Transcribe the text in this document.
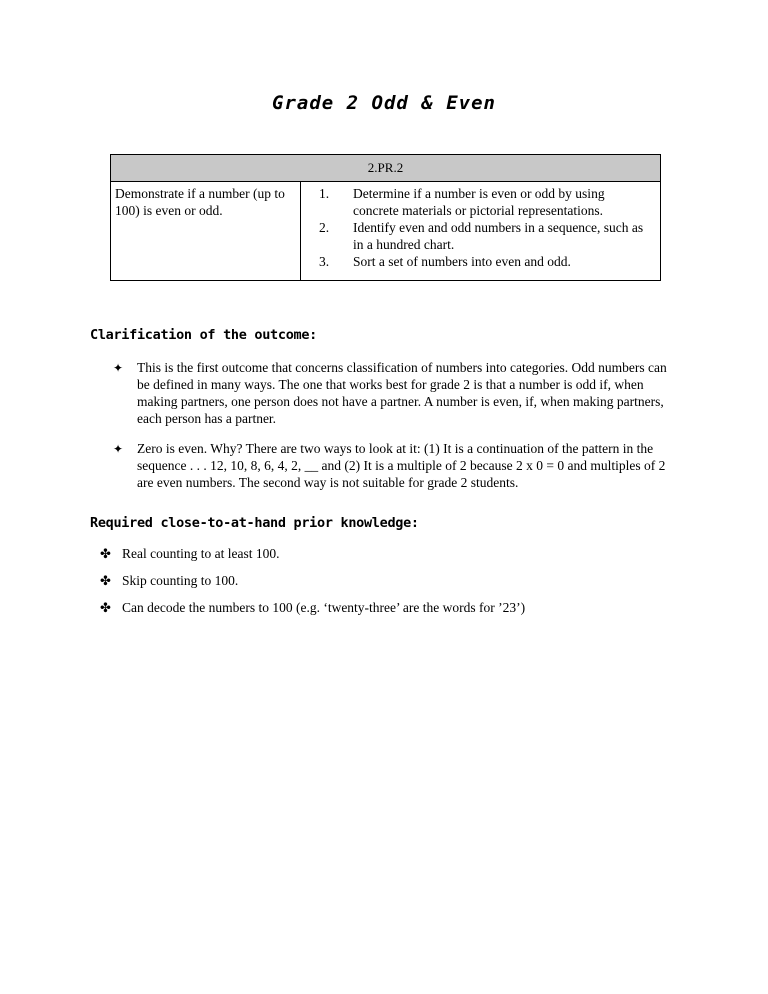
Grade 2 Odd & Even
2.PR.2
Demonstrate if a number (up to 100) is even or odd.	
1.	Determine if a number is even or odd by using concrete materials or pictorial representations.
2.	Identify even and odd numbers in a sequence, such as in a hundred chart.
3.	Sort a set of numbers into even and odd.
Clarification of the outcome:
✦	This is the first outcome that concerns classification of numbers into categories. Odd numbers can be defined in many ways. The one that works best for grade 2 is that a number is odd if, when making partners, one person does not have a partner. A number is even, if, when making partners, each person has a partner.
✦	Zero is even. Why? There are two ways to look at it: (1) It is a continuation of the pattern in the sequence . . . 12, 10, 8, 6, 4, 2, __ and (2) It is a multiple of 2 because 2 x 0 = 0 and multiples of 2 are even numbers. The second way is not suitable for grade 2 students.
Required close-to-at-hand prior knowledge:
✤ Real counting to at least 100.
✤ Skip counting to 100.
✤ Can decode the numbers to 100 (e.g. ‘twenty-three’ are the words for ’23’)
